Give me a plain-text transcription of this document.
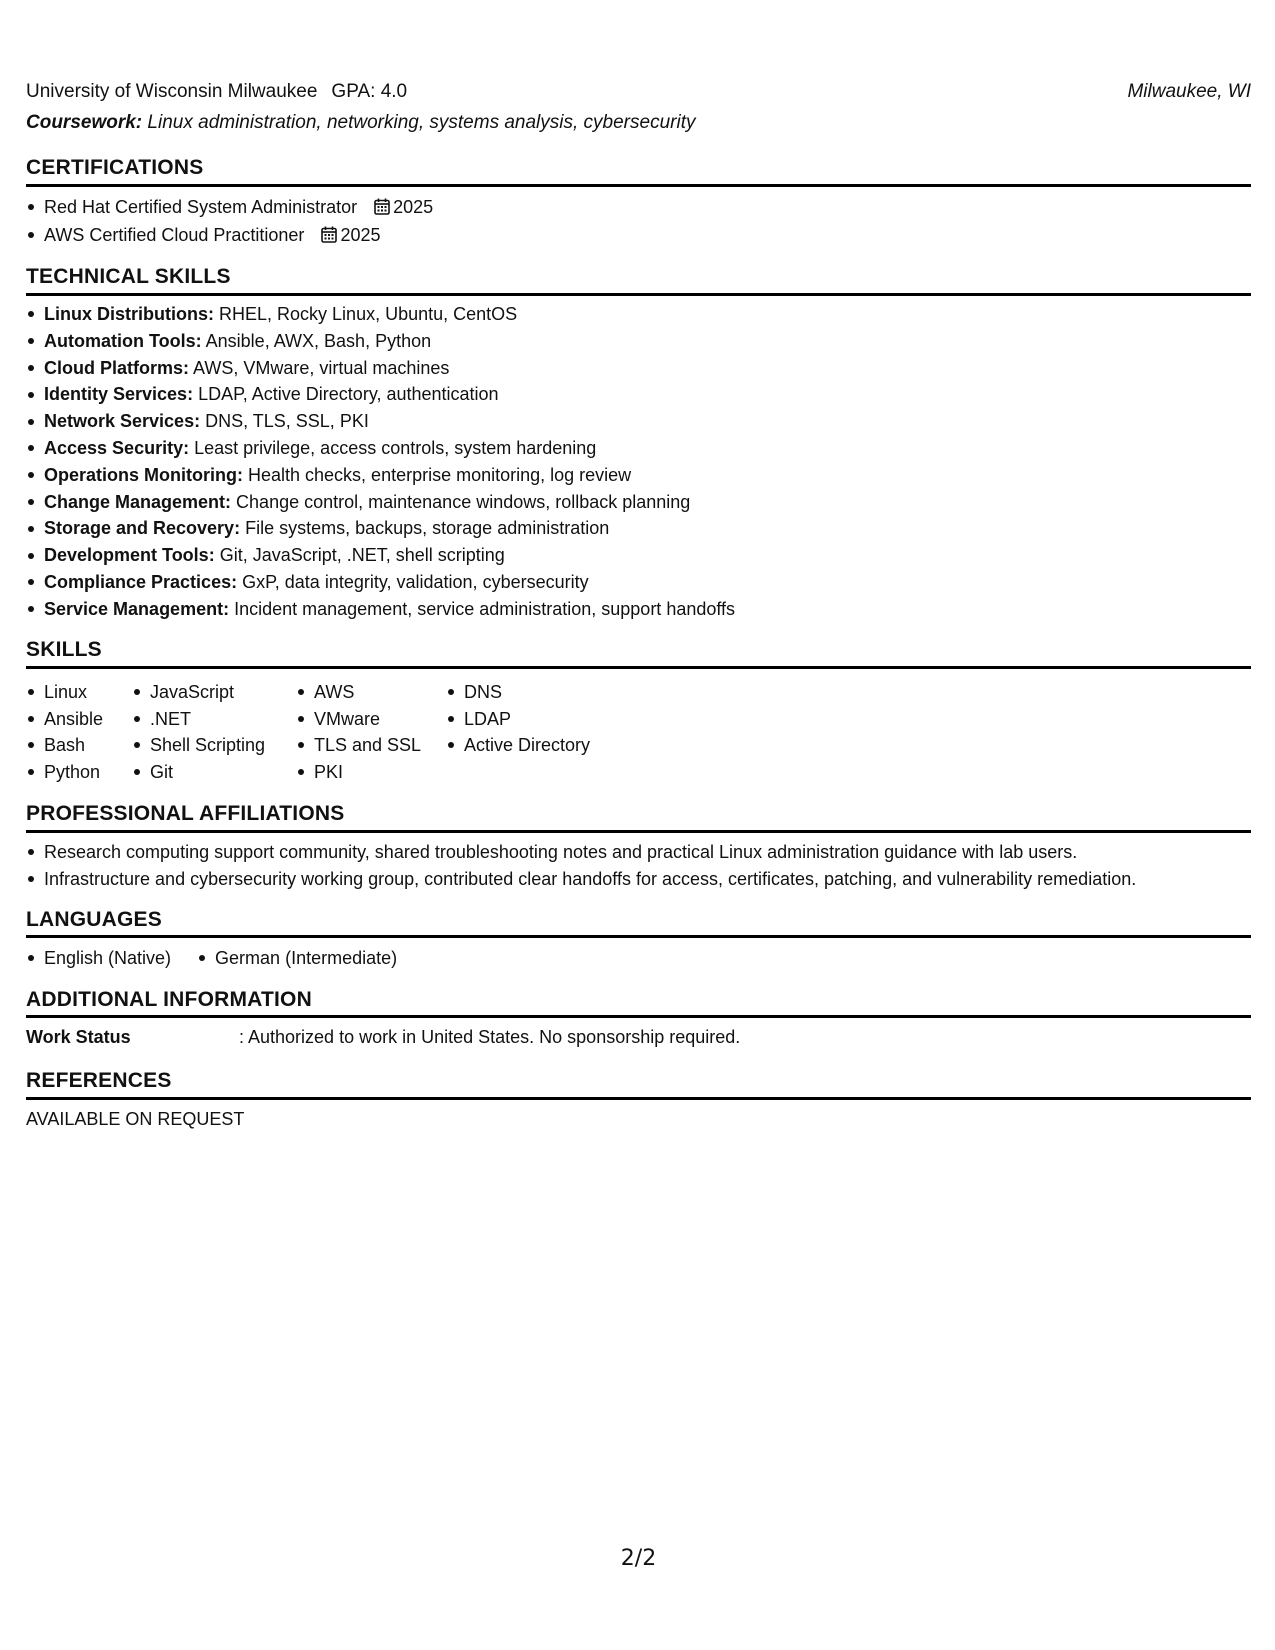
University of Wisconsin Milwaukee GPA: 4.0	Milwaukee, WI
Coursework: Linux administration, networking, systems analysis, cybersecurity
CERTIFICATIONS
Red Hat Certified System Administrator 2025
AWS Certified Cloud Practitioner 2025
TECHNICAL SKILLS
Linux Distributions: RHEL, Rocky Linux, Ubuntu, CentOS
Automation Tools: Ansible, AWX, Bash, Python
Cloud Platforms: AWS, VMware, virtual machines
Identity Services: LDAP, Active Directory, authentication
Network Services: DNS, TLS, SSL, PKI
Access Security: Least privilege, access controls, system hardening
Operations Monitoring: Health checks, enterprise monitoring, log review
Change Management: Change control, maintenance windows, rollback planning
Storage and Recovery: File systems, backups, storage administration
Development Tools: Git, JavaScript, .NET, shell scripting
Compliance Practices: GxP, data integrity, validation, cybersecurity
Service Management: Incident management, service administration, support handoffs
SKILLS
Linux
Ansible
Bash
Python
JavaScript
.NET
Shell Scripting
Git
AWS
VMware
TLS and SSL
PKI
DNS
LDAP
Active Directory
PROFESSIONAL AFFILIATIONS
Research computing support community, shared troubleshooting notes and practical Linux administration guidance with lab users.
Infrastructure and cybersecurity working group, contributed clear handoffs for access, certificates, patching, and vulnerability remediation.
LANGUAGES
English (Native) German (Intermediate)
ADDITIONAL INFORMATION
Work Status	: Authorized to work in United States. No sponsorship required.
REFERENCES
AVAILABLE ON REQUEST
2/2
